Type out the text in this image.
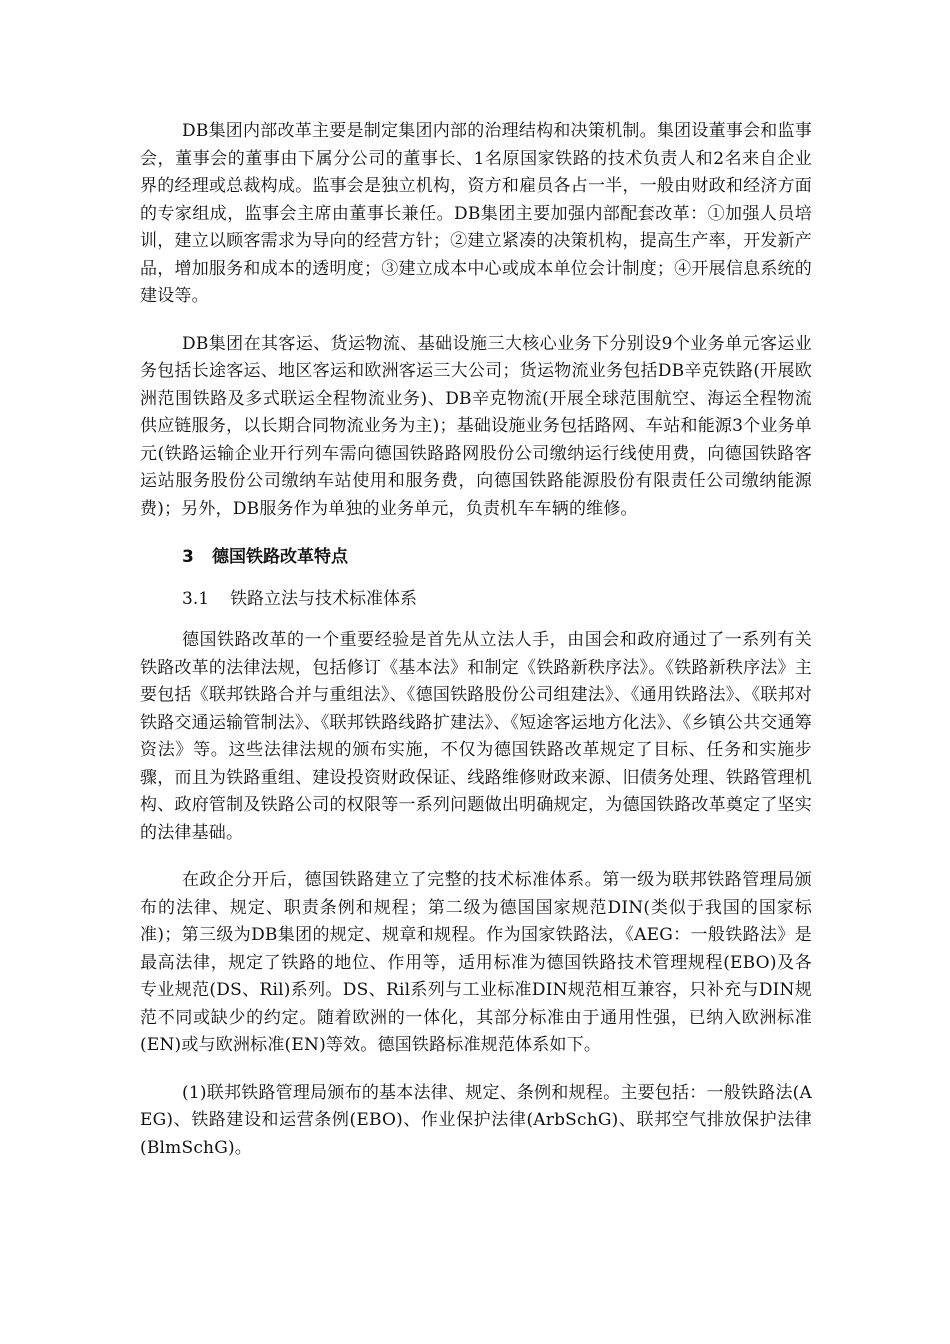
DB集团内部改革主要是制定集团内部的治理结构和决策机制。集团设董事会和监事会，董事会的董事由下属分公司的董事长、1名原国家铁路的技术负责人和2名来自企业界的经理或总裁构成。监事会是独立机构，资方和雇员各占一半，一般由财政和经济方面的专家组成，监事会主席由董事长兼任。DB集团主要加强内部配套改革：①加强人员培训，建立以顾客需求为导向的经营方针；②建立紧凑的决策机构，提高生产率，开发新产品，增加服务和成本的透明度；③建立成本中心或成本单位会计制度；④开展信息系统的建设等。

DB集团在其客运、货运物流、基础设施三大核心业务下分别设9个业务单元客运业务包括长途客运、地区客运和欧洲客运三大公司；货运物流业务包括DB辛克铁路(开展欧洲范围铁路及多式联运全程物流业务)、DB辛克物流(开展全球范围航空、海运全程物流供应链服务，以长期合同物流业务为主)；基础设施业务包括路网、车站和能源3个业务单元(铁路运输企业开行列车需向德国铁路路网股份公司缴纳运行线使用费，向德国铁路客运站服务股份公司缴纳车站使用和服务费，向德国铁路能源股份有限责任公司缴纳能源费)；另外，DB服务作为单独的业务单元，负责机车车辆的维修。

3 德国铁路改革特点
3.1 铁路立法与技术标准体系

德国铁路改革的一个重要经验是首先从立法人手，由国会和政府通过了一系列有关铁路改革的法律法规，包括修订《基本法》和制定《铁路新秩序法》。《铁路新秩序法》主要包括《联邦铁路合并与重组法》、《德国铁路股份公司组建法》、《通用铁路法》、《联邦对铁路交通运输管制法》、《联邦铁路线路扩建法》、《短途客运地方化法》、《乡镇公共交通筹资法》等。这些法律法规的颁布实施，不仅为德国铁路改革规定了目标、任务和实施步骤，而且为铁路重组、建设投资财政保证、线路维修财政来源、旧债务处理、铁路管理机构、政府管制及铁路公司的权限等一系列问题做出明确规定，为德国铁路改革奠定了坚实的法律基础。

在政企分开后，德国铁路建立了完整的技术标准体系。第一级为联邦铁路管理局颁布的法律、规定、职责条例和规程；第二级为德国国家规范DIN(类似于我国的国家标准)；第三级为DB集团的规定、规章和规程。作为国家铁路法，《AEG：一般铁路法》是最高法律，规定了铁路的地位、作用等，适用标准为德国铁路技术管理规程(EBO)及各专业规范(DS、Ril)系列。DS、Ril系列与工业标准DIN规范相互兼容，只补充与DIN规范不同或缺少的约定。随着欧洲的一体化，其部分标准由于通用性强，已纳入欧洲标准(EN)或与欧洲标准(EN)等效。德国铁路标准规范体系如下。

(1)联邦铁路管理局颁布的基本法律、规定、条例和规程。主要包括：一般铁路法(AEG)、铁路建设和运营条例(EBO)、作业保护法律(ArbSchG)、联邦空气排放保护法律(BlmSchG)。
